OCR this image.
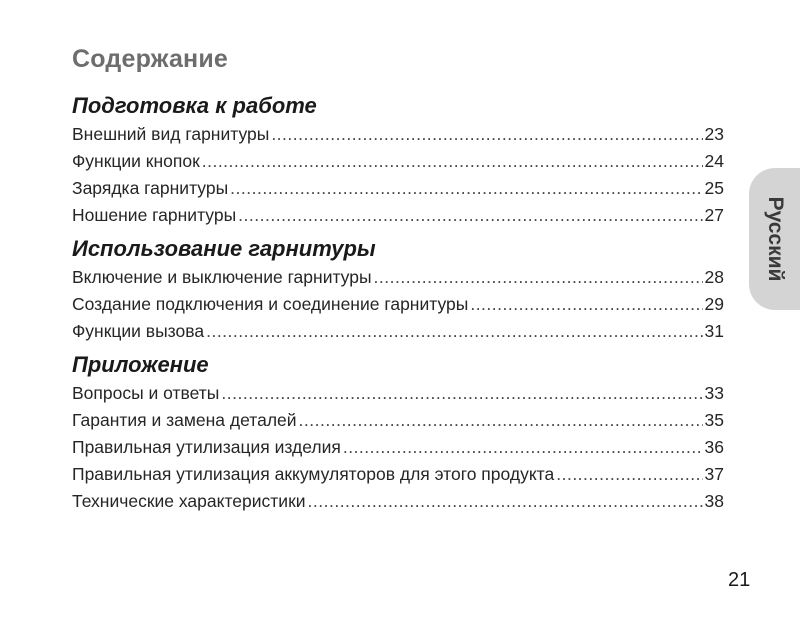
Содержание
Подготовка к работе
Внешний вид гарнитуры .....	23
Функции кнопок .....	24
Зарядка гарнитуры .....	25
Ношение гарнитуры .....	27
Использование гарнитуры
Включение и выключение гарнитуры .....	28
Создание подключения и соединение гарнитуры .....	29
Функции вызова .....	31
Приложение
Вопросы и ответы .....	33
Гарантия и замена деталей .....	35
Правильная утилизация изделия .....	36
Правильная утилизация аккумуляторов для этого продукта .....	37
Технические характеристики .....	38
Русский
21
